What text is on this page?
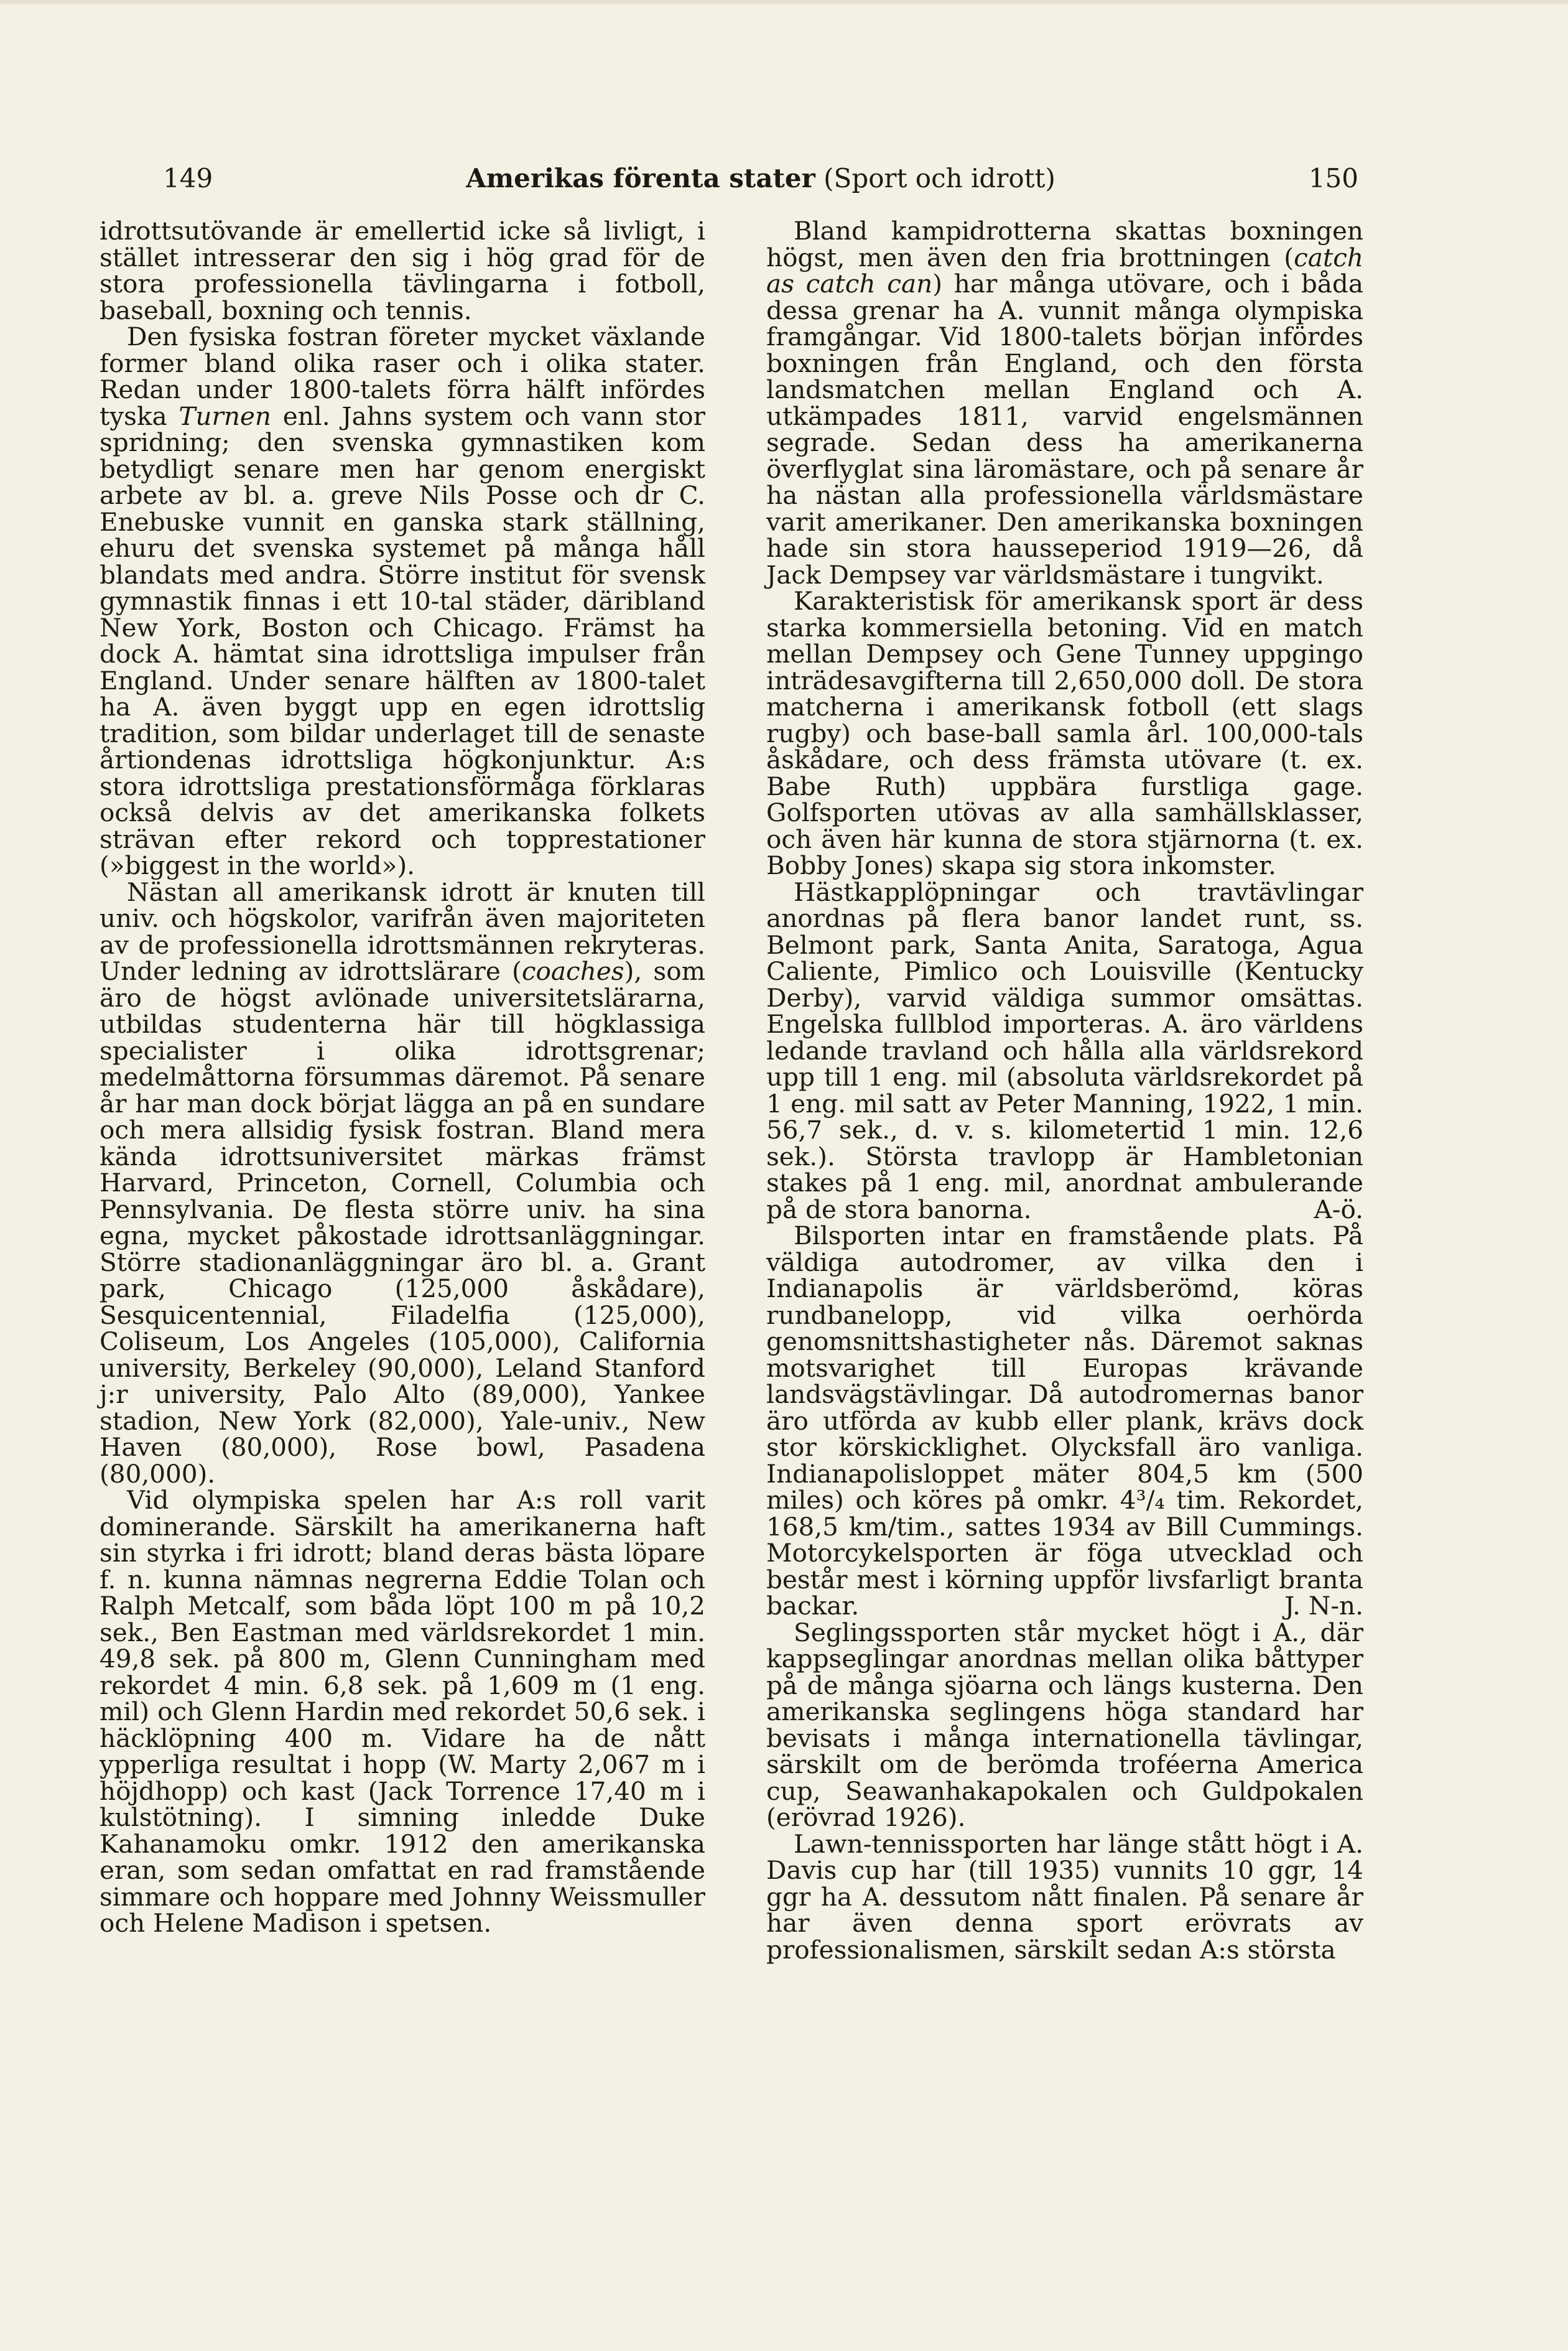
149	Amerikas förenta stater (Sport och idrott)	150

idrottsutövande är emellertid icke så livligt, i stället intresserar den sig i hög grad för de stora professionella tävlingarna i fotboll, baseball, boxning och tennis.

Den fysiska fostran företer mycket växlande former bland olika raser och i olika stater. Redan under 1800-talets förra hälft infördes tyska Turnen enl. Jahns system och vann stor spridning; den svenska gymnastiken kom betydligt senare men har genom energiskt arbete av bl. a. greve Nils Posse och dr C. Enebuske vunnit en ganska stark ställning, ehuru det svenska systemet på många håll blandats med andra. Större institut för svensk gymnastik finnas i ett 10-tal städer, däribland New York, Boston och Chicago. Främst ha dock A. hämtat sina idrottsliga impulser från England. Under senare hälften av 1800-talet ha A. även byggt upp en egen idrottslig tradition, som bildar underlaget till de senaste årtiondenas idrottsliga högkonjunktur. A:s stora idrottsliga prestationsförmåga förklaras också delvis av det amerikanska folkets strävan efter rekord och topprestationer (»biggest in the world»).

Nästan all amerikansk idrott är knuten till univ. och högskolor, varifrån även majoriteten av de professionella idrottsmännen rekryteras. Under ledning av idrottslärare (coaches), som äro de högst avlönade universitetslärarna, utbildas studenterna här till högklassiga specialister i olika idrottsgrenar; medelmåttorna försummas däremot. På senare år har man dock börjat lägga an på en sundare och mera allsidig fysisk fostran. Bland mera kända idrottsuniversitet märkas främst Harvard, Princeton, Cornell, Columbia och Pennsylvania. De flesta större univ. ha sina egna, mycket påkostade idrottsanläggningar. Större stadionanläggningar äro bl. a. Grant park, Chicago (125,000 åskådare), Sesquicentennial, Filadelfia (125,000), Coliseum, Los Angeles (105,000), California university, Berkeley (90,000), Leland Stanford j:r university, Palo Alto (89,000), Yankee stadion, New York (82,000), Yale-univ., New Haven (80,000), Rose bowl, Pasadena (80,000).

Vid olympiska spelen har A:s roll varit dominerande. Särskilt ha amerikanerna haft sin styrka i fri idrott; bland deras bästa löpare f. n. kunna nämnas negrerna Eddie Tolan och Ralph Metcalf, som båda löpt 100 m på 10,2 sek., Ben Eastman med världsrekordet 1 min. 49,8 sek. på 800 m, Glenn Cunningham med rekordet 4 min. 6,8 sek. på 1,609 m (1 eng. mil) och Glenn Hardin med rekordet 50,6 sek. i häcklöpning 400 m. Vidare ha de nått ypperliga resultat i hopp (W. Marty 2,067 m i höjdhopp) och kast (Jack Torrence 17,40 m i kulstötning). I simning inledde Duke Kahanamoku omkr. 1912 den amerikanska eran, som sedan omfattat en rad framstående simmare och hoppare med Johnny Weissmuller och Helene Madison i spetsen.

Bland kampidrotterna skattas boxningen högst, men även den fria brottningen (catch as catch can) har många utövare, och i båda dessa grenar ha A. vunnit många olympiska framgångar. Vid 1800-talets början infördes boxningen från England, och den första landsmatchen mellan England och A. utkämpades 1811, varvid engelsmännen segrade. Sedan dess ha amerikanerna överflyglat sina läromästare, och på senare år ha nästan alla professionella världsmästare varit amerikaner. Den amerikanska boxningen hade sin stora hausseperiod 1919—26, då Jack Dempsey var världsmästare i tungvikt.

Karakteristisk för amerikansk sport är dess starka kommersiella betoning. Vid en match mellan Dempsey och Gene Tunney uppgingo inträdesavgifterna till 2,650,000 doll. De stora matcherna i amerikansk fotboll (ett slags rugby) och base-ball samla årl. 100,000-tals åskådare, och dess främsta utövare (t. ex. Babe Ruth) uppbära furstliga gage. Golfsporten utövas av alla samhällsklasser, och även här kunna de stora stjärnorna (t. ex. Bobby Jones) skapa sig stora inkomster.

Hästkapplöpningar och travtävlingar anordnas på flera banor landet runt, ss. Belmont park, Santa Anita, Saratoga, Agua Caliente, Pimlico och Louisville (Kentucky Derby), varvid väldiga summor omsättas. Engelska fullblod importeras. A. äro världens ledande travland och hålla alla världsrekord upp till 1 eng. mil (absoluta världsrekordet på 1 eng. mil satt av Peter Manning, 1922, 1 min. 56,7 sek., d. v. s. kilometertid 1 min. 12,6 sek.). Största travlopp är Hambletonian stakes på 1 eng. mil, anordnat ambulerande på de stora banorna.	A-ö.

Bilsporten intar en framstående plats. På väldiga autodromer, av vilka den i Indianapolis är världsberömd, köras rundbanelopp, vid vilka oerhörda genomsnittshastigheter nås. Däremot saknas motsvarighet till Europas krävande landsvägstävlingar. Då autodromernas banor äro utförda av kubb eller plank, krävs dock stor körskicklighet. Olycksfall äro vanliga. Indianapolisloppet mäter 804,5 km (500 miles) och köres på omkr. 4³/₄ tim. Rekordet, 168,5 km/tim., sattes 1934 av Bill Cummings. Motorcykelsporten är föga utvecklad och består mest i körning uppför livsfarligt branta backar.	J. N-n.

Seglingssporten står mycket högt i A., där kappseglingar anordnas mellan olika båttyper på de många sjöarna och längs kusterna. Den amerikanska seglingens höga standard har bevisats i många internationella tävlingar, särskilt om de berömda troféerna America cup, Seawanhakapokalen och Guldpokalen (erövrad 1926).

Lawn-tennissporten har länge stått högt i A. Davis cup har (till 1935) vunnits 10 ggr, 14 ggr ha A. dessutom nått finalen. På senare år har även denna sport erövrats av professionalismen, särskilt sedan A:s största
